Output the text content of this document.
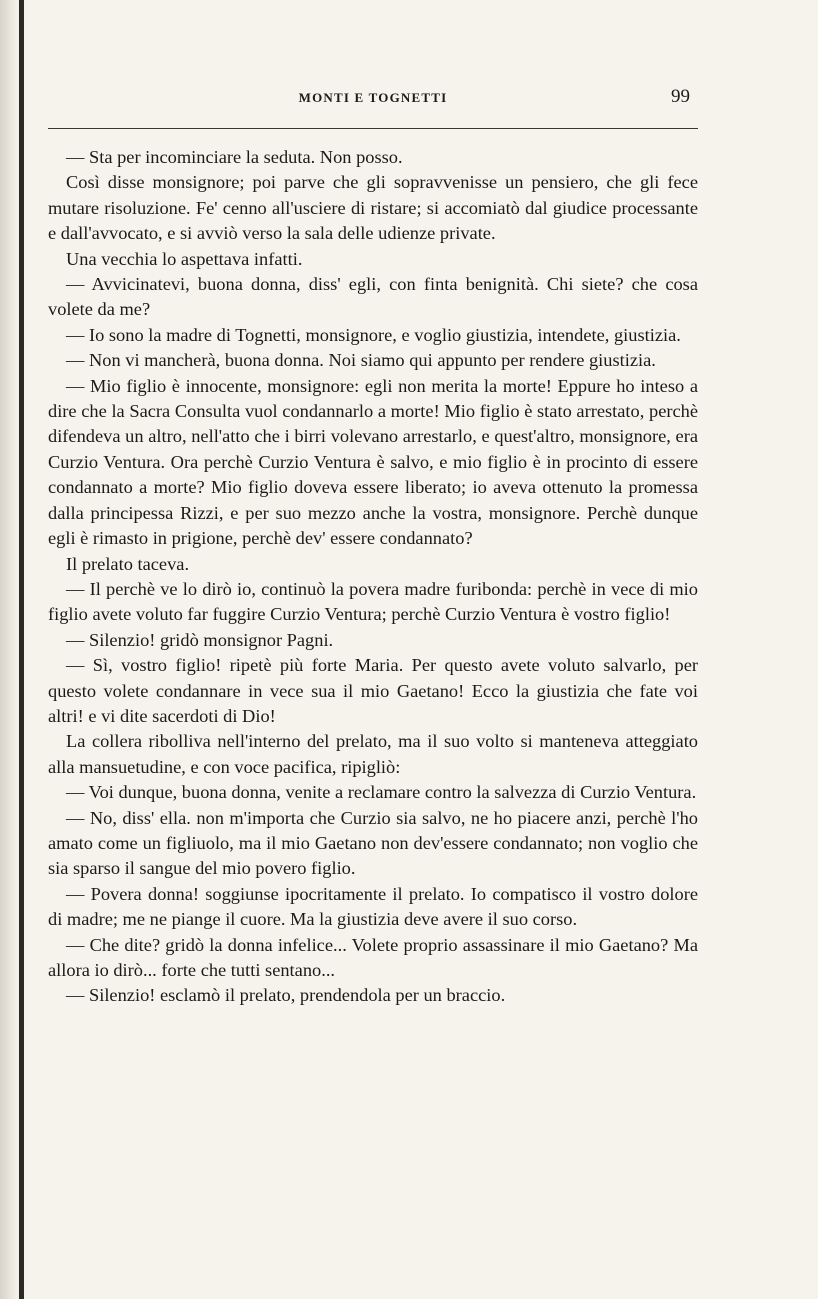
MONTI E TOGNETTI	99

— Sta per incominciare la seduta. Non posso.

Così disse monsignore; poi parve che gli sopravvenisse un pensiero, che gli fece mutare risoluzione. Fe' cenno all'usciere di ristare; si accomiatò dal giudice processante e dall'avvocato, e si avviò verso la sala delle udienze private.

Una vecchia lo aspettava infatti.

— Avvicinatevi, buona donna, diss' egli, con finta benignità. Chi siete? che cosa volete da me?

— Io sono la madre di Tognetti, monsignore, e voglio giustizia, intendete, giustizia.

— Non vi mancherà, buona donna. Noi siamo qui appunto per rendere giustizia.

— Mio figlio è innocente, monsignore: egli non merita la morte! Eppure ho inteso a dire che la Sacra Consulta vuol condannarlo a morte! Mio figlio è stato arrestato, perchè difendeva un altro, nell'atto che i birri volevano arrestarlo, e quest'altro, monsignore, era Curzio Ventura. Ora perchè Curzio Ventura è salvo, e mio figlio è in procinto di essere condannato a morte? Mio figlio doveva essere liberato; io aveva ottenuto la promessa dalla principessa Rizzi, e per suo mezzo anche la vostra, monsignore. Perchè dunque egli è rimasto in prigione, perchè dev' essere condannato?

Il prelato taceva.

— Il perchè ve lo dirò io, continuò la povera madre furibonda: perchè in vece di mio figlio avete voluto far fuggire Curzio Ventura; perchè Curzio Ventura è vostro figlio!

— Silenzio! gridò monsignor Pagni.

— Sì, vostro figlio! ripetè più forte Maria. Per questo avete voluto salvarlo, per questo volete condannare in vece sua il mio Gaetano! Ecco la giustizia che fate voi altri! e vi dite sacerdoti di Dio!

La collera ribolliva nell'interno del prelato, ma il suo volto si manteneva atteggiato alla mansuetudine, e con voce pacifica, ripigliò:

— Voi dunque, buona donna, venite a reclamare contro la salvezza di Curzio Ventura.

— No, diss' ella. non m'importa che Curzio sia salvo, ne ho piacere anzi, perchè l'ho amato come un figliuolo, ma il mio Gaetano non dev'essere condannato; non voglio che sia sparso il sangue del mio povero figlio.

— Povera donna! soggiunse ipocritamente il prelato. Io compatisco il vostro dolore di madre; me ne piange il cuore. Ma la giustizia deve avere il suo corso.

— Che dite? gridò la donna infelice... Volete proprio assassinare il mio Gaetano? Ma allora io dirò... forte che tutti sentano...

— Silenzio! esclamò il prelato, prendendola per un braccio.
